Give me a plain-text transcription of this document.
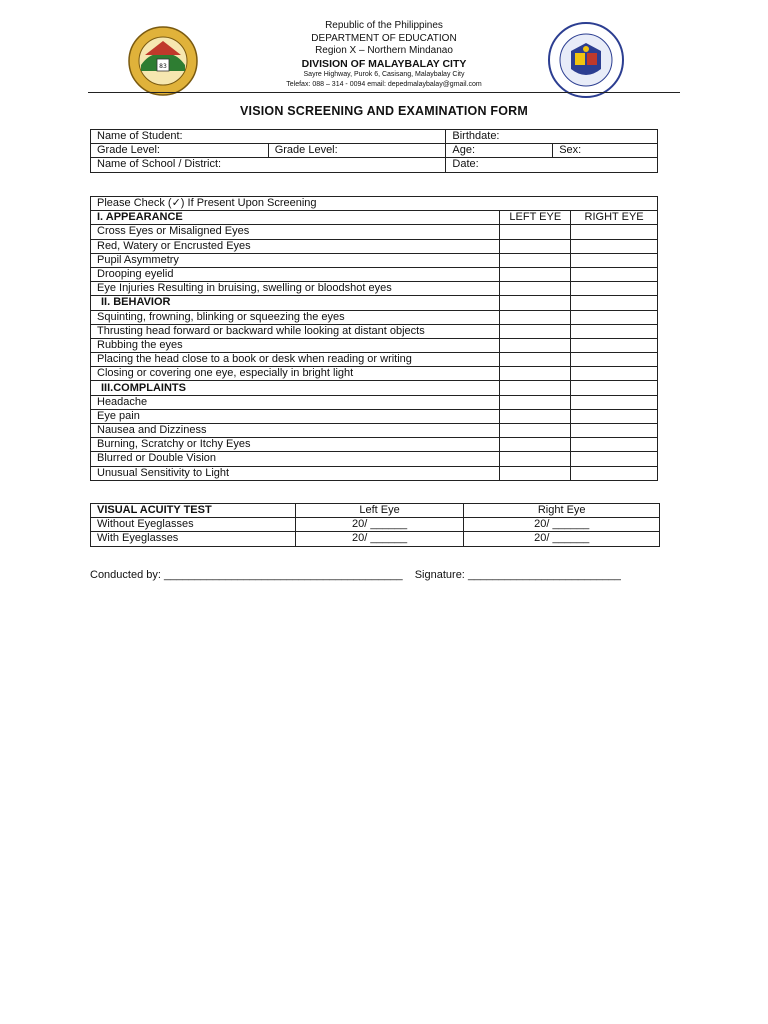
83
Republic of the Philippines
DEPARTMENT OF EDUCATION
Region X – Northern Mindanao
DIVISION OF MALAYBALAY CITY
Sayre Highway, Purok 6, Casisang, Malaybalay City
Telefax: 088 – 314 - 0094 email: depedmalaybalay@gmail.com
VISION SCREENING AND EXAMINATION FORM
Name of Student:		Birthdate:	
Grade Level:	Grade Level:	Age:	Sex:
Name of School / District:		Date:	
Please Check (✓) If Present Upon Screening		
I. APPEARANCE	LEFT EYE	RIGHT EYE
Cross Eyes or Misaligned Eyes		
Red, Watery or Encrusted Eyes		
Pupil Asymmetry		
Drooping eyelid		
Eye Injuries Resulting in bruising, swelling or bloodshot eyes		
II. BEHAVIOR		
Squinting, frowning, blinking or squeezing the eyes		
Thrusting head forward or backward while looking at distant objects		
Rubbing the eyes		
Placing the head close to a book or desk when reading or writing		
Closing or covering one eye, especially in bright light		
III.COMPLAINTS		
Headache		
Eye pain		
Nausea and Dizziness		
Burning, Scratchy or Itchy Eyes		
Blurred or Double Vision		
Unusual Sensitivity to Light		
VISUAL ACUITY TEST	Left Eye	Right Eye
Without Eyeglasses	20/ ______	20/ ______
With Eyeglasses	20/ ______	20/ ______
Conducted by: _______________________________________ Signature: _________________________
